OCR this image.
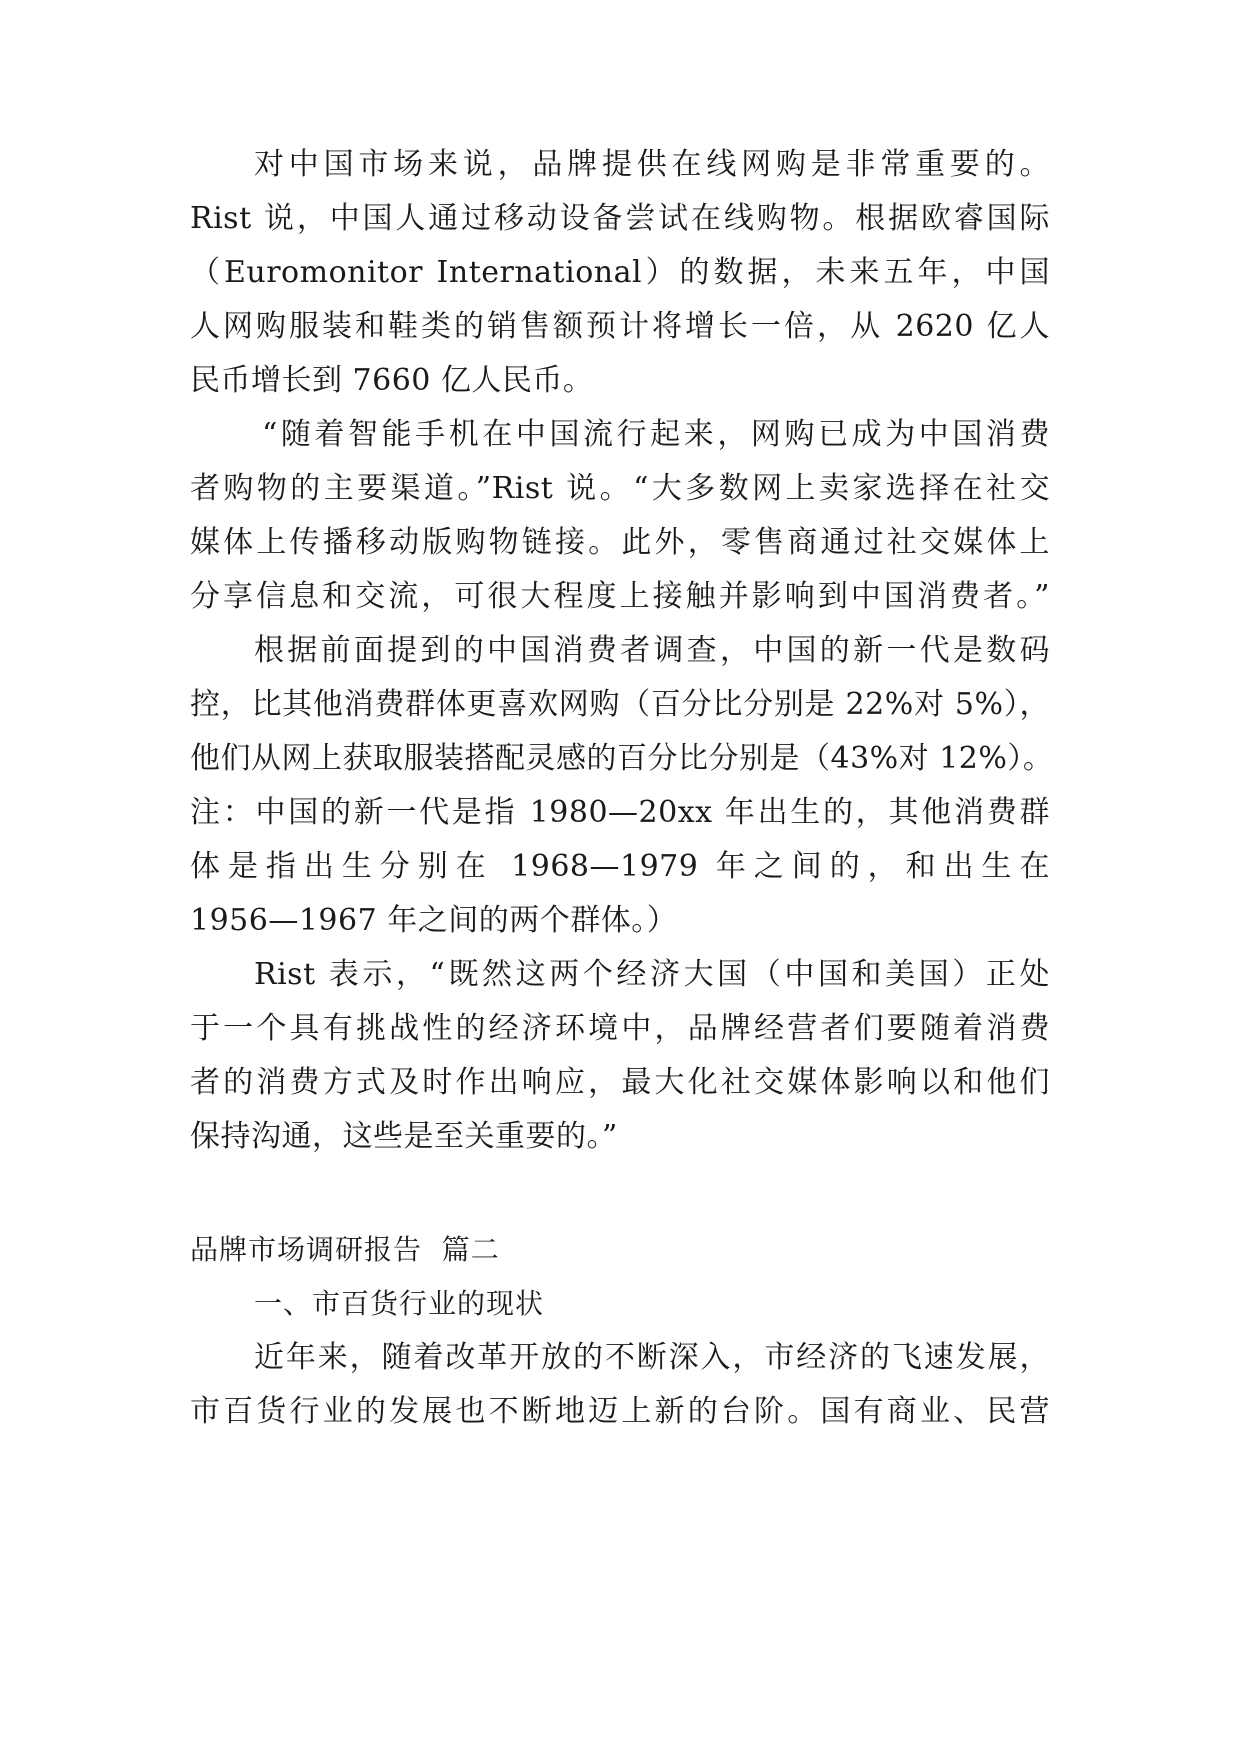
对中国市场来说，品牌提供在线网购是非常重要的。
Rist 说，中国人通过移动设备尝试在线购物。根据欧睿国际
（Euromonitor International）的数据，未来五年，中国
人网购服装和鞋类的销售额预计将增长一倍，从 2620 亿人
民币增长到 7660 亿人民币。
“随着智能手机在中国流行起来，网购已成为中国消费
者购物的主要渠道。”Rist 说。“大多数网上卖家选择在社交
媒体上传播移动版购物链接。此外，零售商通过社交媒体上
分享信息和交流，可很大程度上接触并影响到中国消费者。”
根据前面提到的中国消费者调查，中国的新一代是数码
控，比其他消费群体更喜欢网购（百分比分别是 22%对 5%），
他们从网上获取服装搭配灵感的百分比分别是（43%对 12%）。
注：中国的新一代是指 1980—20xx 年出生的，其他消费群
体是指出生分别在 1968—1979 年之间的，和出生在
1956—1967 年之间的两个群体。）
Rist 表示，“既然这两个经济大国（中国和美国）正处
于一个具有挑战性的经济环境中，品牌经营者们要随着消费
者的消费方式及时作出响应，最大化社交媒体影响以和他们
保持沟通，这些是至关重要的。”
品牌市场调研报告  篇二
一、市百货行业的现状
近年来，随着改革开放的不断深入，市经济的飞速发展，
市百货行业的发展也不断地迈上新的台阶。国有商业、民营
